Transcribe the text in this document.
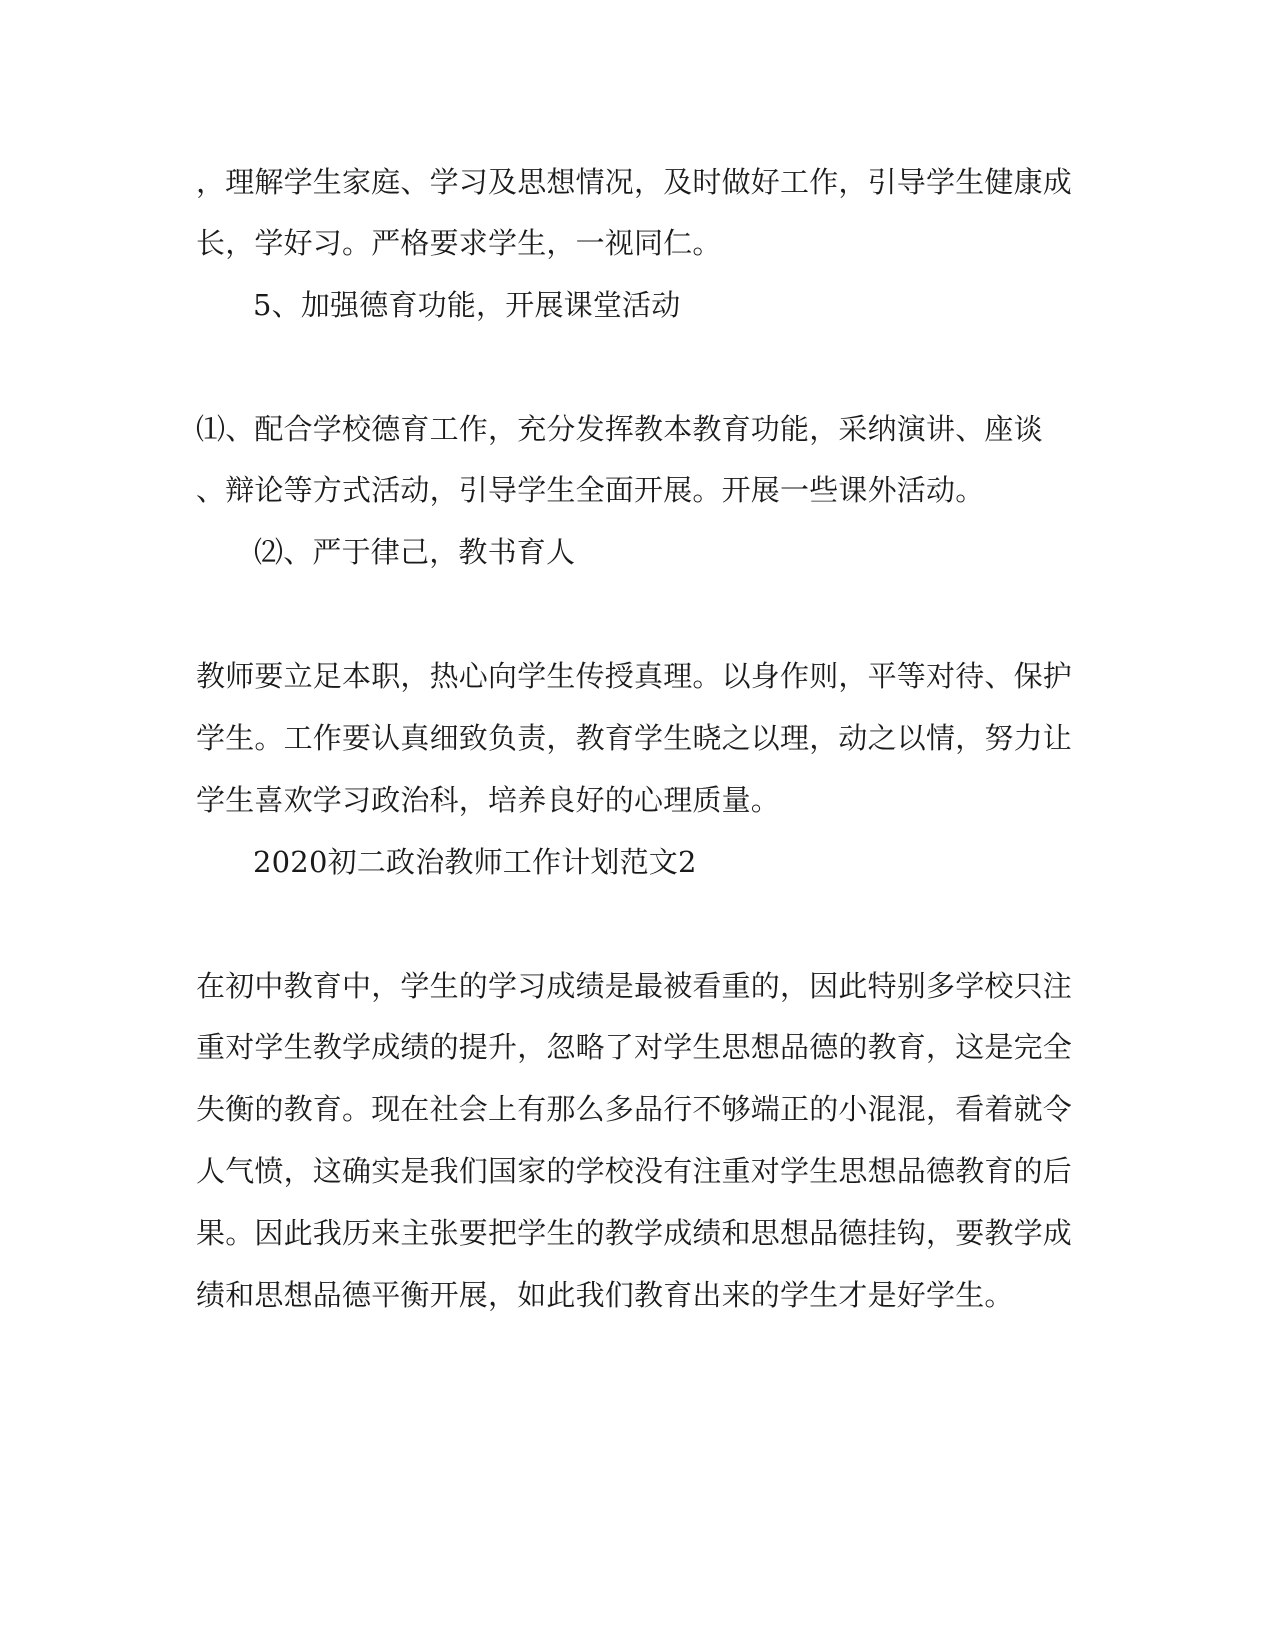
，理解学生家庭、学习及思想情况，及时做好工作，引导学生健康成
长，学好习。严格要求学生，一视同仁。
5、加强德育功能，开展课堂活动
⑴、配合学校德育工作，充分发挥教本教育功能，采纳演讲、座谈
、辩论等方式活动，引导学生全面开展。开展一些课外活动。
⑵、严于律己，教书育人
教师要立足本职，热心向学生传授真理。以身作则，平等对待、保护
学生。工作要认真细致负责，教育学生晓之以理，动之以情，努力让
学生喜欢学习政治科，培养良好的心理质量。
2020初二政治教师工作计划范文2
在初中教育中，学生的学习成绩是最被看重的，因此特别多学校只注
重对学生教学成绩的提升，忽略了对学生思想品德的教育，这是完全
失衡的教育。现在社会上有那么多品行不够端正的小混混，看着就令
人气愤，这确实是我们国家的学校没有注重对学生思想品德教育的后
果。因此我历来主张要把学生的教学成绩和思想品德挂钩，要教学成
绩和思想品德平衡开展，如此我们教育出来的学生才是好学生。
